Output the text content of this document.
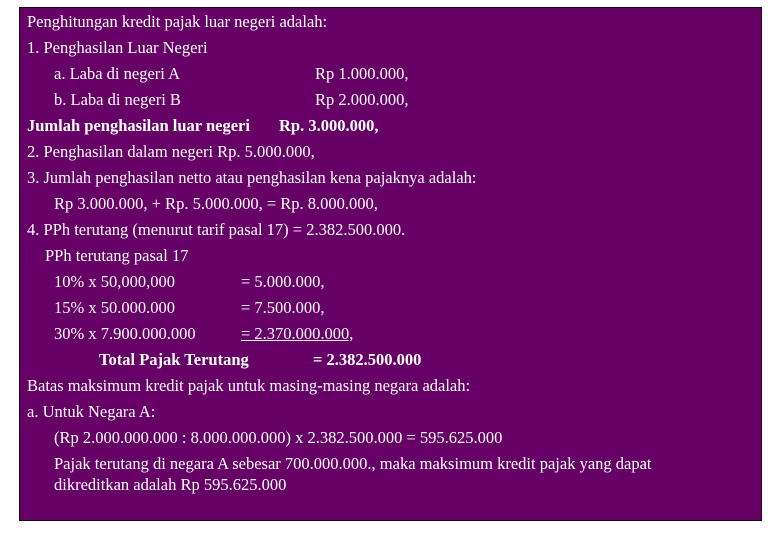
Penghitungan kredit pajak luar negeri adalah:
1. Penghasilan Luar Negeri
a. Laba di negeri A	Rp 1.000.000,
b. Laba di negeri B	Rp 2.000.000,
Jumlah penghasilan luar negeri Rp. 3.000.000,
2. Penghasilan dalam negeri Rp. 5.000.000,
3. Jumlah penghasilan netto atau penghasilan kena pajaknya adalah:
Rp 3.000.000, + Rp. 5.000.000, = Rp. 8.000.000,
4. PPh terutang (menurut tarif pasal 17) = 2.382.500.000.
PPh terutang pasal 17
10% x 50,000,000	= 5.000.000,
15% x 50.000.000	= 7.500.000,
30% x 7.900.000.000	= 2.370.000.000,
Total Pajak Terutang	= 2.382.500.000
Batas maksimum kredit pajak untuk masing-masing negara adalah:
a. Untuk Negara A:
(Rp 2.000.000.000 : 8.000.000.000) x 2.382.500.000 = 595.625.000
Pajak terutang di negara A sebesar 700.000.000., maka maksimum kredit pajak yang dapat
dikreditkan adalah Rp 595.625.000
